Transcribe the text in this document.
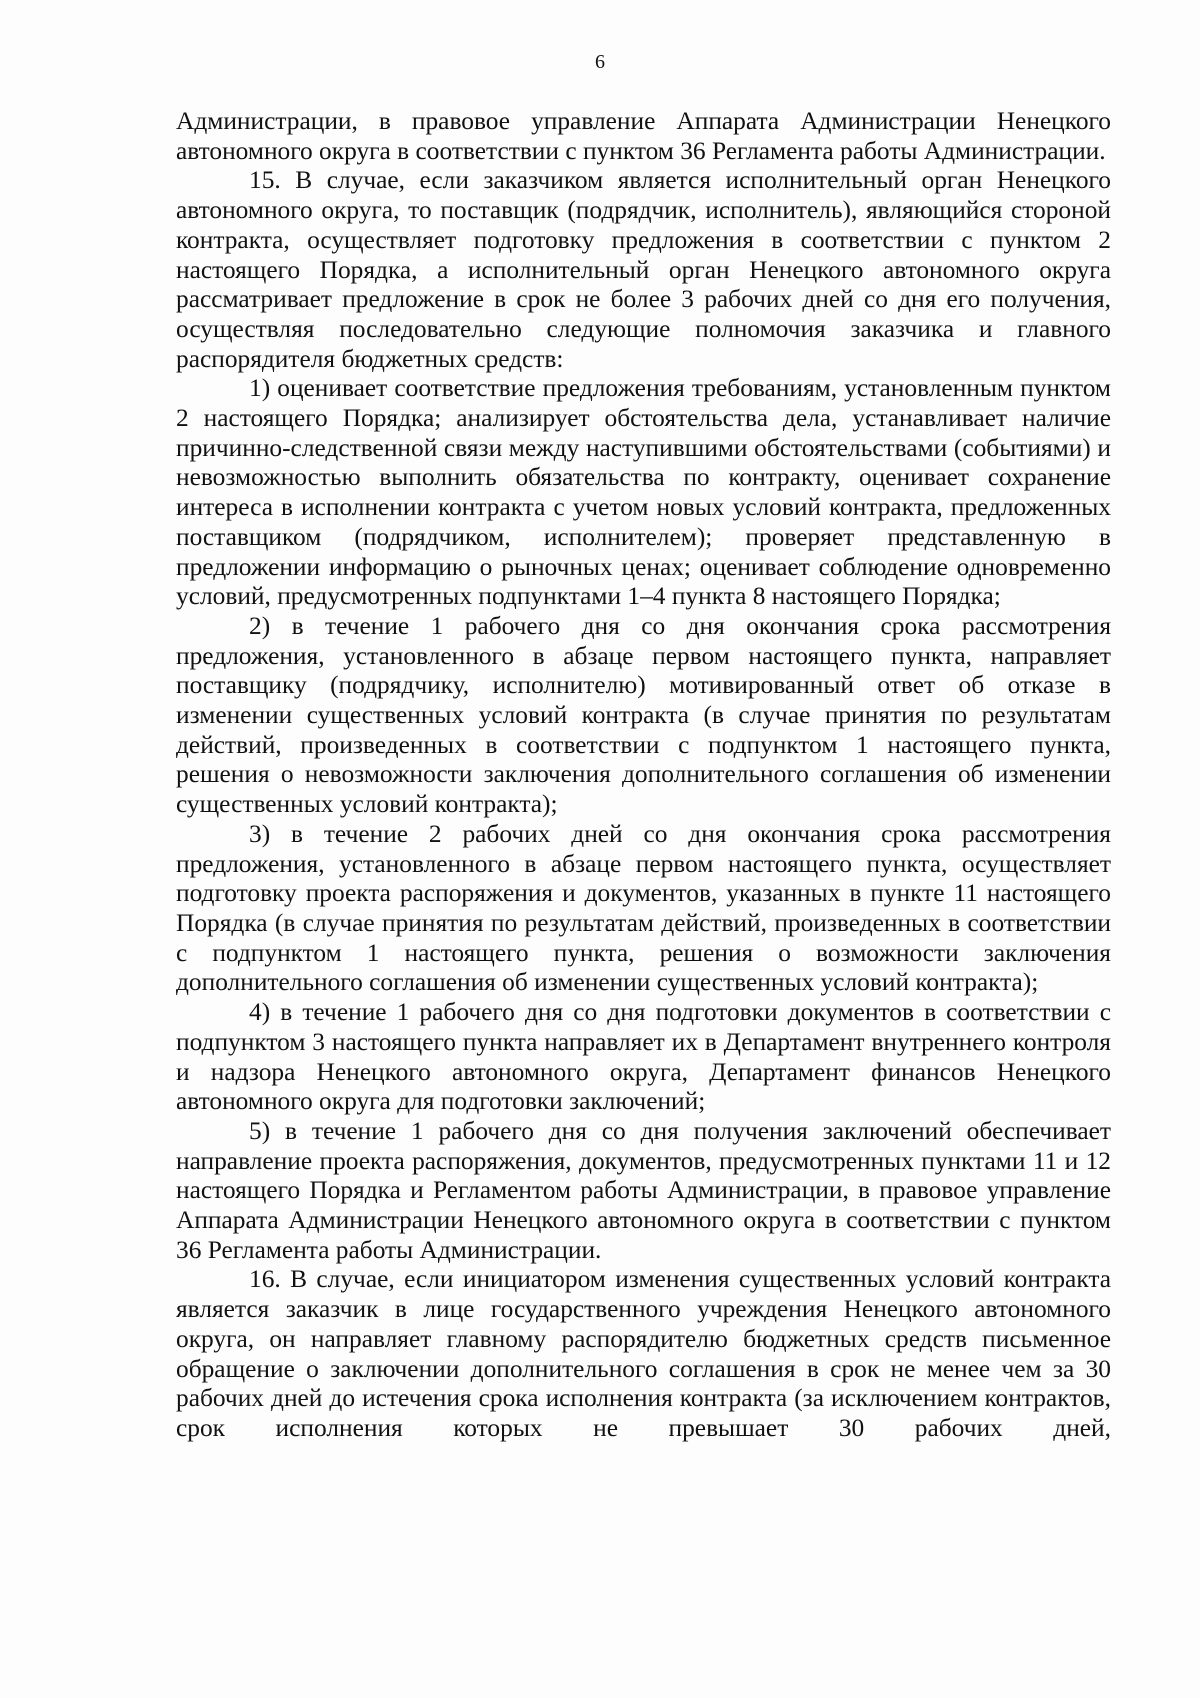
6

Администрации, в правовое управление Аппарата Администрации Ненецкого автономного округа в соответствии с пунктом 36 Регламента работы Администрации.

15. В случае, если заказчиком является исполнительный орган Ненецкого автономного округа, то поставщик (подрядчик, исполнитель), являющийся стороной контракта, осуществляет подготовку предложения в соответствии с пунктом 2 настоящего Порядка, а исполнительный орган Ненецкого автономного округа рассматривает предложение в срок не более 3 рабочих дней со дня его получения, осуществляя последовательно следующие полномочия заказчика и главного распорядителя бюджетных средств:

1) оценивает соответствие предложения требованиям, установленным пунктом 2 настоящего Порядка; анализирует обстоятельства дела, устанавливает наличие причинно-следственной связи между наступившими обстоятельствами (событиями) и невозможностью выполнить обязательства по контракту, оценивает сохранение интереса в исполнении контракта с учетом новых условий контракта, предложенных поставщиком (подрядчиком, исполнителем); проверяет представленную в предложении информацию о рыночных ценах; оценивает соблюдение одновременно условий, предусмотренных подпунктами 1–4 пункта 8 настоящего Порядка;

2) в течение 1 рабочего дня со дня окончания срока рассмотрения предложения, установленного в абзаце первом настоящего пункта, направляет поставщику (подрядчику, исполнителю) мотивированный ответ об отказе в изменении существенных условий контракта (в случае принятия по результатам действий, произведенных в соответствии с подпунктом 1 настоящего пункта, решения о невозможности заключения дополнительного соглашения об изменении существенных условий контракта);

3) в течение 2 рабочих дней со дня окончания срока рассмотрения предложения, установленного в абзаце первом настоящего пункта, осуществляет подготовку проекта распоряжения и документов, указанных в пункте 11 настоящего Порядка (в случае принятия по результатам действий, произведенных в соответствии с подпунктом 1 настоящего пункта, решения о возможности заключения дополнительного соглашения об изменении существенных условий контракта);

4) в течение 1 рабочего дня со дня подготовки документов в соответствии с подпунктом 3 настоящего пункта направляет их в Департамент внутреннего контроля и надзора Ненецкого автономного округа, Департамент финансов Ненецкого автономного округа для подготовки заключений;

5) в течение 1 рабочего дня со дня получения заключений обеспечивает направление проекта распоряжения, документов, предусмотренных пунктами 11 и 12 настоящего Порядка и Регламентом работы Администрации, в правовое управление Аппарата Администрации Ненецкого автономного округа в соответствии с пунктом 36 Регламента работы Администрации.

16. В случае, если инициатором изменения существенных условий контракта является заказчик в лице государственного учреждения Ненецкого автономного округа, он направляет главному распорядителю бюджетных средств письменное обращение о заключении дополнительного соглашения в срок не менее чем за 30 рабочих дней до истечения срока исполнения контракта (за исключением контрактов, срок исполнения которых не превышает 30 рабочих дней,
